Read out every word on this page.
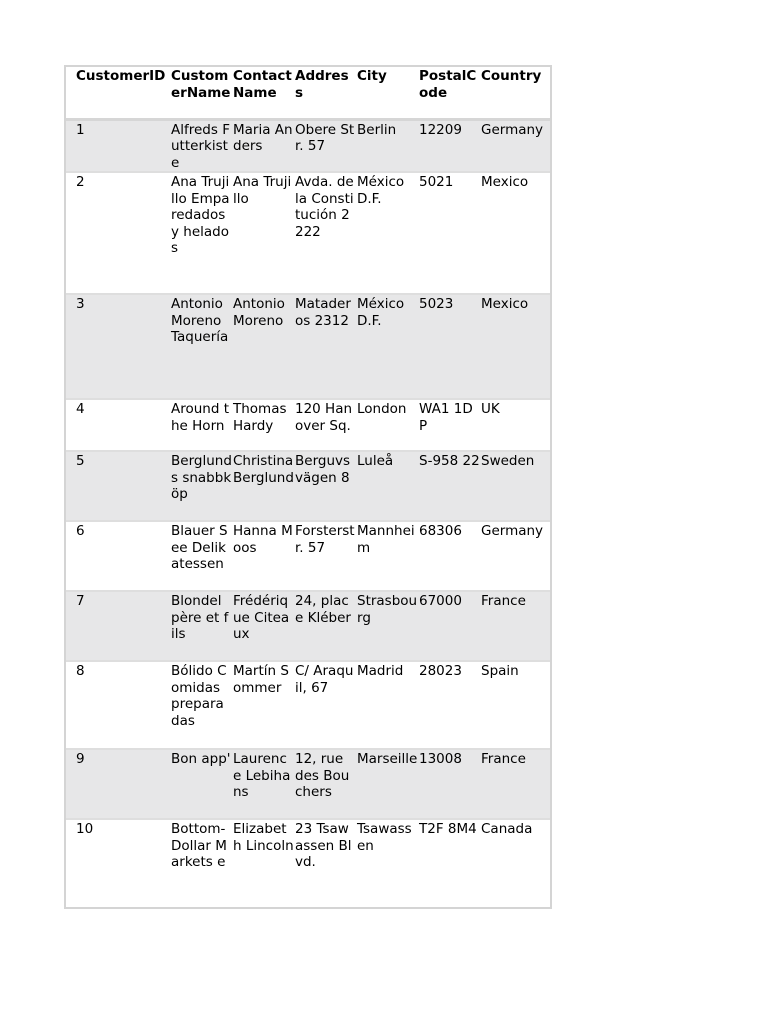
CustomerID	CustomerName	ContactName	Address	City	PostalCode	Country
1	Alfreds Futterkiste	Maria Anders	Obere Str. 57	Berlin	12209	Germany
2	Ana Trujillo Emparedados y helados	Ana Trujillo	Avda. de la Constitución 2222	México D.F.	5021	Mexico
3	Antonio Moreno Taquería	Antonio Moreno	Mataderos 2312	México D.F.	5023	Mexico
4	Around the Horn	Thomas Hardy	120 Hanover Sq.	London	WA1 1DP	UK
5	Berglunds snabbköp	Christina Berglund	Berguvsvägen 8	Luleå	S-958 22	Sweden
6	Blauer See Delikatessen	Hanna Moos	Forsterstr. 57	Mannheim	68306	Germany
7	Blondel père et fils	Frédérique Citeaux	24, place Kléber	Strasbourg	67000	France
8	Bólido Comidas preparadas	Martín Sommer	C/ Araquil, 67	Madrid	28023	Spain
9	Bon app'	Laurence Lebihans	12, rue des Bouchers	Marseille	13008	France
10	Bottom-Dollar Markets e	Elizabeth Lincoln	23 Tsawassen Blvd.	Tsawassen	T2F 8M4	Canada
